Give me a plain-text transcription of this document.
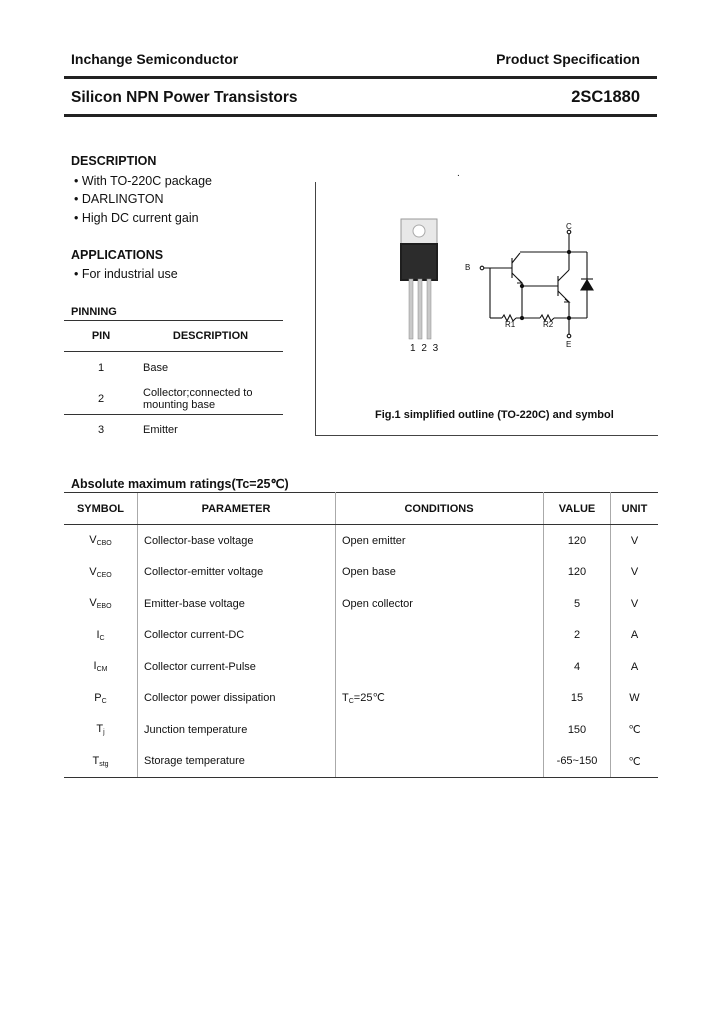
Inchange Semiconductor	Product Specification
Silicon NPN Power Transistors	2SC1880
DESCRIPTION
• With TO-220C package
• DARLINGTON
• High DC current gain
APPLICATIONS
• For industrial use
PINNING
PIN	DESCRIPTION
1	Base
2	Collector;connected to
mounting base

3	Emitter
.
1 2 3
C
B
E
R1	R2
Fig.1 simplified outline (TO-220C) and symbol
Absolute maximum ratings(Tc=25℃)
SYMBOL	PARAMETER	CONDITIONS	VALUE	UNIT
$V_{CBO}$	Collector-base voltage	Open emitter	120	V
$V_{CEO}$	Collector-emitter voltage	Open base	120	V
$V_{EBO}$	Emitter-base voltage	Open collector	5	V
$I_C$	Collector current-DC		2	A
$I_{CM}$	Collector current-Pulse		4	A
$P_C$	Collector power dissipation	$T_C=25℃$	15	W
$T_j$	Junction temperature		150	℃
$T_{stg}$	Storage temperature		-65~150	℃
